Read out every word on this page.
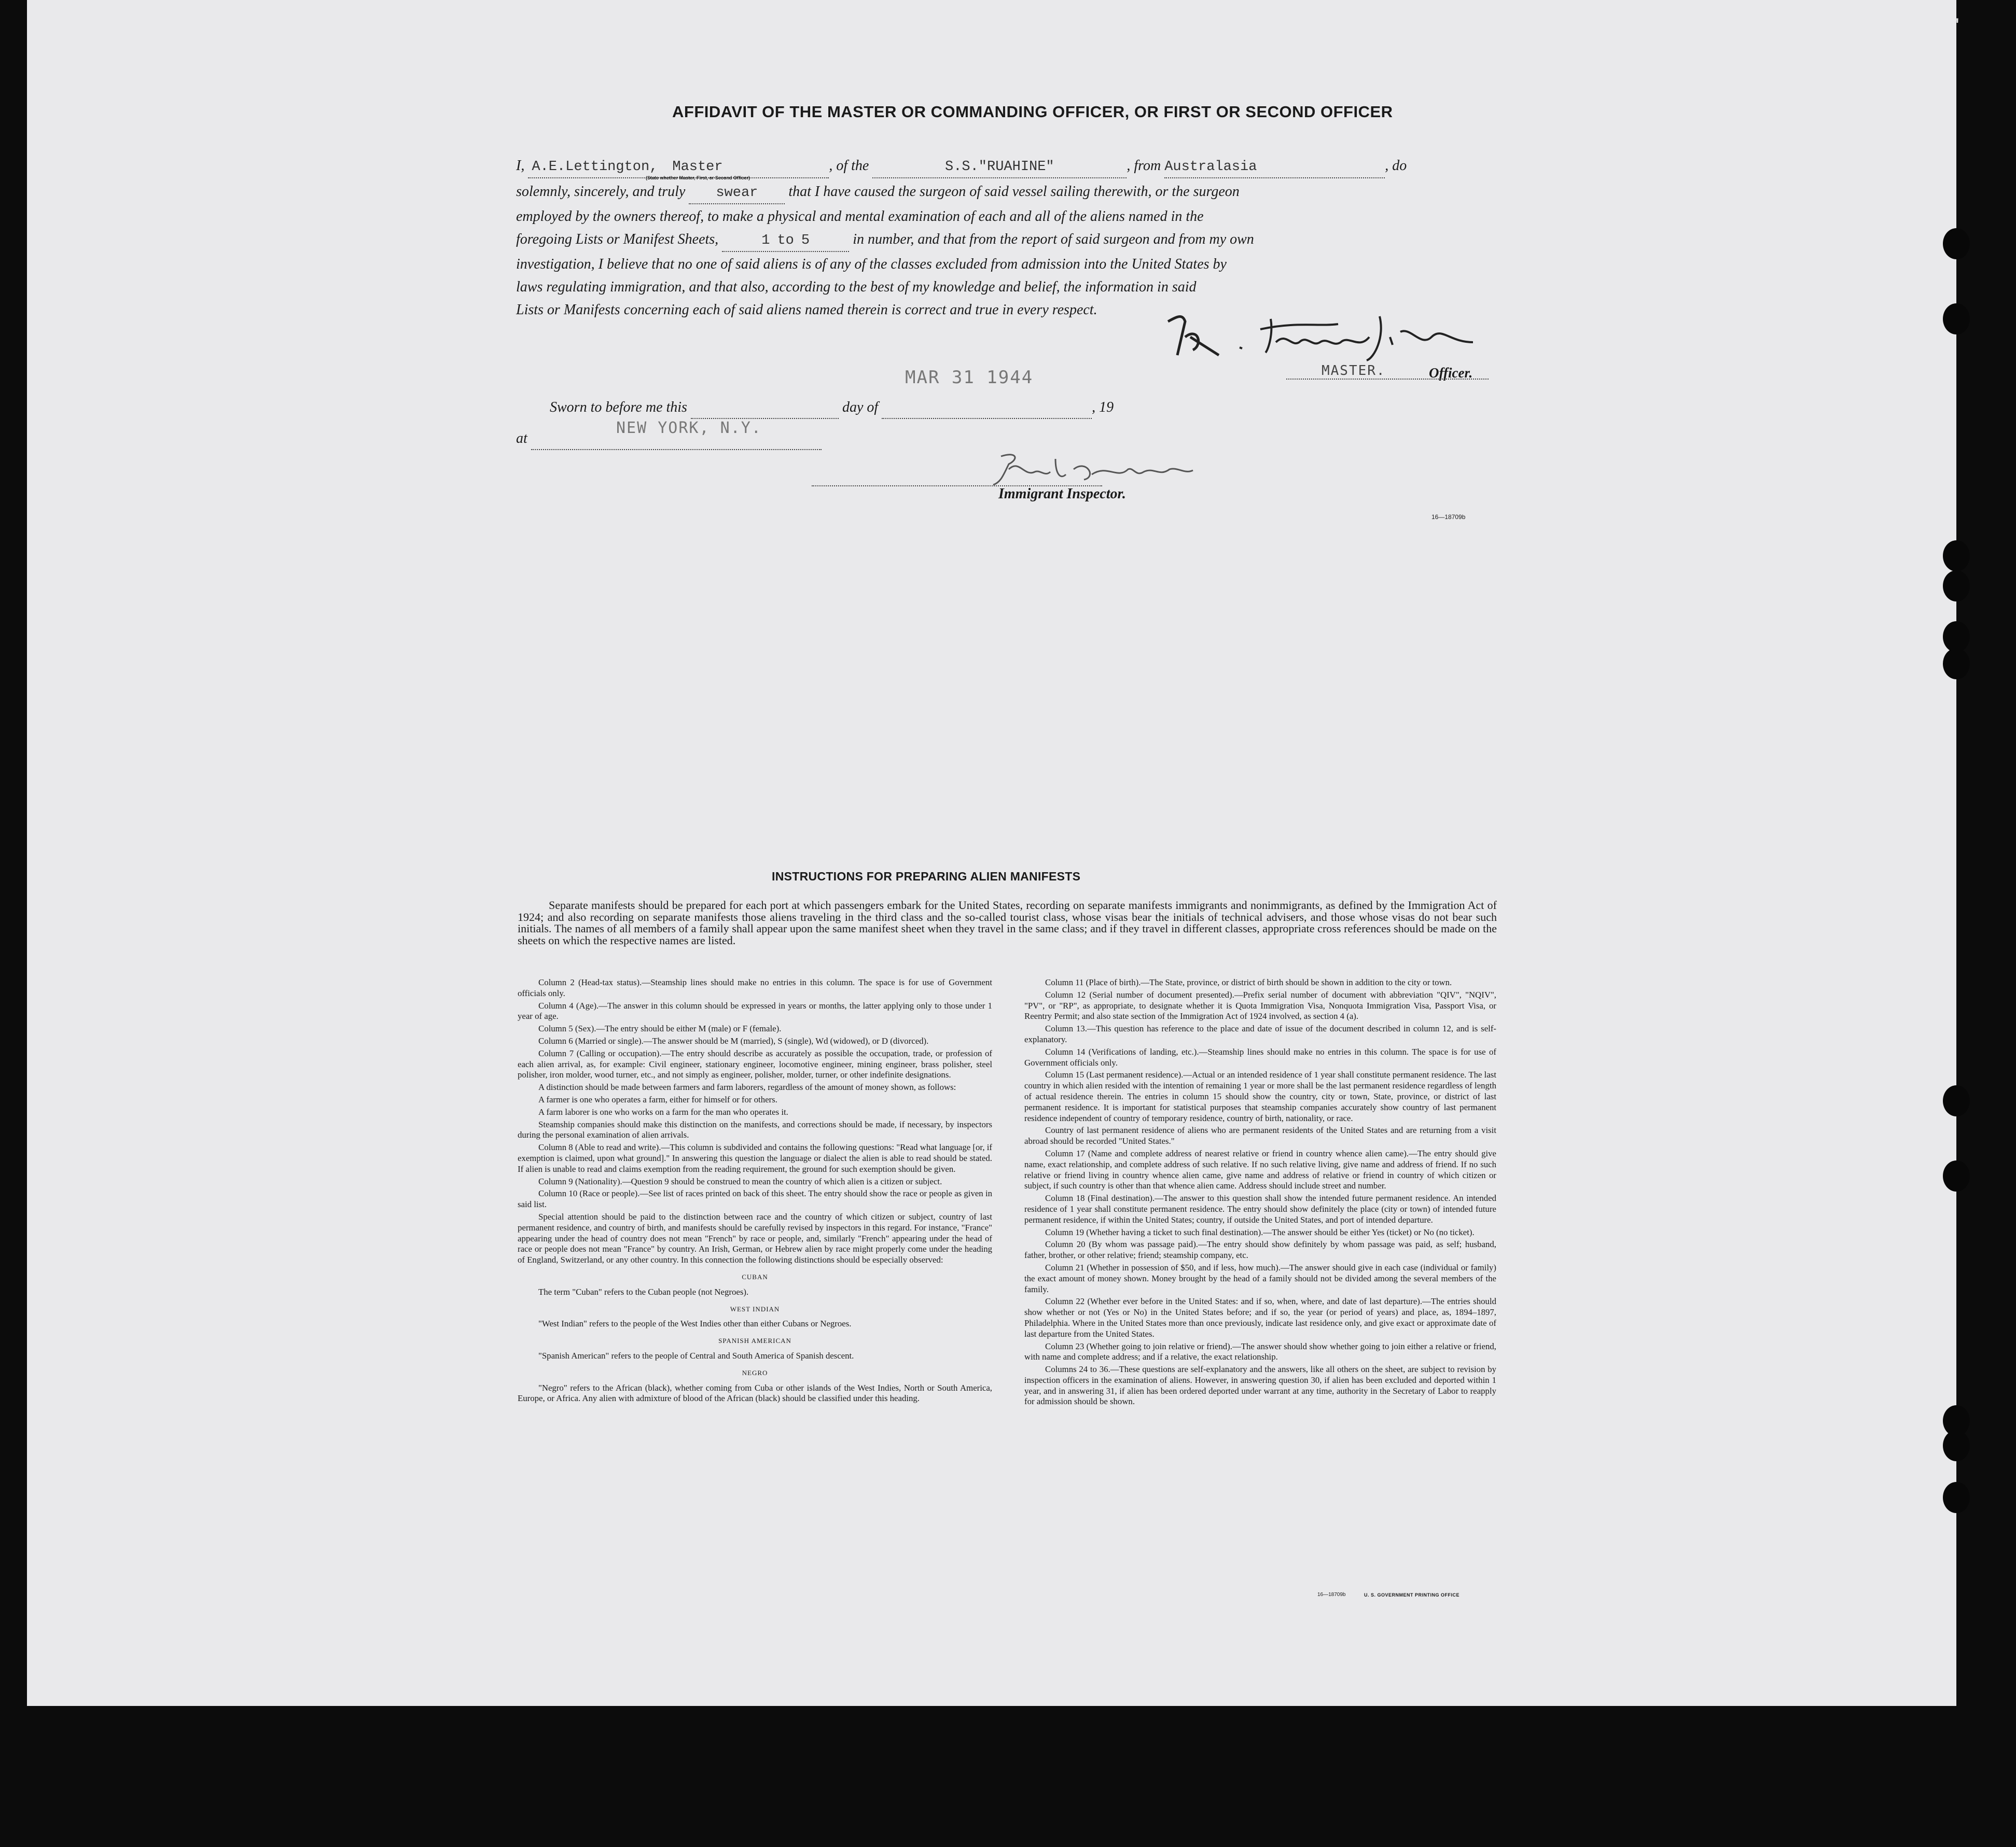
'
AFFIDAVIT OF THE MASTER OR COMMANDING OFFICER, OR FIRST OR SECOND OFFICER
I, A.E.Lettington, Master	, of the	S.S."RUAHINE"	, from Australasia	, do
(State whether Master, First, or Second Officer)
solemnly, sincerely, and truly swear that I have caused the surgeon of said vessel sailing therewith, or the surgeon
employed by the owners thereof, to make a physical and mental examination of each and all of the aliens named in the
foregoing Lists or Manifest Sheets,	1 to 5	in number, and that from the report of said surgeon and from my own
investigation, I believe that no one of said aliens is of any of the classes excluded from admission into the United States by
laws regulating immigration, and that also, according to the best of my knowledge and belief, the information in said
Lists or Manifests concerning each of said aliens named therein is correct and true in every respect.
MASTER.	Officer.
MAR 31 1944
Sworn to before me this	day of	, 19
at
NEW YORK, N.Y.
Immigrant Inspector.
16—18709b
INSTRUCTIONS FOR PREPARING ALIEN MANIFESTS

Separate manifests should be prepared for each port at which passengers embark for the United States, recording on separate manifests immigrants and nonimmigrants, as defined by the Immigration Act of 1924; and also recording on separate manifests those aliens traveling in the third class and the so-called tourist class, whose visas bear the initials of technical advisers, and those whose visas do not bear such initials. The names of all members of a family shall appear upon the same manifest sheet when they travel in the same class; and if they travel in different classes, appropriate cross references should be made on the sheets on which the respective names are listed.

Column 2 (Head-tax status).—Steamship lines should make no entries in this column. The space is for use of Government officials only.

Column 4 (Age).—The answer in this column should be expressed in years or months, the latter applying only to those under 1 year of age.

Column 5 (Sex).—The entry should be either M (male) or F (female).

Column 6 (Married or single).—The answer should be M (married), S (single), Wd (widowed), or D (divorced).

Column 7 (Calling or occupation).—The entry should describe as accurately as possible the occupation, trade, or profession of each alien arrival, as, for example: Civil engineer, stationary engineer, locomotive engineer, mining engineer, brass polisher, steel polisher, iron molder, wood turner, etc., and not simply as engineer, polisher, molder, turner, or other indefinite designations.

A distinction should be made between farmers and farm laborers, regardless of the amount of money shown, as follows:

A farmer is one who operates a farm, either for himself or for others.

A farm laborer is one who works on a farm for the man who operates it.

Steamship companies should make this distinction on the manifests, and corrections should be made, if necessary, by inspectors during the personal examination of alien arrivals.

Column 8 (Able to read and write).—This column is subdivided and contains the following questions: "Read what language [or, if exemption is claimed, upon what ground]." In answering this question the language or dialect the alien is able to read should be stated. If alien is unable to read and claims exemption from the reading requirement, the ground for such exemption should be given.

Column 9 (Nationality).—Question 9 should be construed to mean the country of which alien is a citizen or subject.

Column 10 (Race or people).—See list of races printed on back of this sheet. The entry should show the race or people as given in said list.

Special attention should be paid to the distinction between race and the country of which citizen or subject, country of last permanent residence, and country of birth, and manifests should be carefully revised by inspectors in this regard. For instance, "France" appearing under the head of country does not mean "French" by race or people, and, similarly "French" appearing under the head of race or people does not mean "France" by country. An Irish, German, or Hebrew alien by race might properly come under the heading of England, Switzerland, or any other country. In this connection the following distinctions should be especially observed:

CUBAN

The term "Cuban" refers to the Cuban people (not Negroes).

WEST INDIAN

"West Indian" refers to the people of the West Indies other than either Cubans or Negroes.

SPANISH AMERICAN

"Spanish American" refers to the people of Central and South America of Spanish descent.

NEGRO

"Negro" refers to the African (black), whether coming from Cuba or other islands of the West Indies, North or South America, Europe, or Africa. Any alien with admixture of blood of the African (black) should be classified under this heading.

Column 11 (Place of birth).—The State, province, or district of birth should be shown in addition to the city or town.

Column 12 (Serial number of document presented).—Prefix serial number of document with abbreviation "QIV", "NQIV", "PV", or "RP", as appropriate, to designate whether it is Quota Immigration Visa, Nonquota Immigration Visa, Passport Visa, or Reentry Permit; and also state section of the Immigration Act of 1924 involved, as section 4 (a).

Column 13.—This question has reference to the place and date of issue of the document described in column 12, and is self-explanatory.

Column 14 (Verifications of landing, etc.).—Steamship lines should make no entries in this column. The space is for use of Government officials only.

Column 15 (Last permanent residence).—Actual or an intended residence of 1 year shall constitute permanent residence. The last country in which alien resided with the intention of remaining 1 year or more shall be the last permanent residence regardless of length of actual residence therein. The entries in column 15 should show the country, city or town, State, province, or district of last permanent residence. It is important for statistical purposes that steamship companies accurately show country of last permanent residence independent of country of temporary residence, country of birth, nationality, or race.

Country of last permanent residence of aliens who are permanent residents of the United States and are returning from a visit abroad should be recorded "United States."

Column 17 (Name and complete address of nearest relative or friend in country whence alien came).—The entry should give name, exact relationship, and complete address of such relative. If no such relative living, give name and address of friend. If no such relative or friend living in country whence alien came, give name and address of relative or friend in country of which citizen or subject, if such country is other than that whence alien came. Address should include street and number.

Column 18 (Final destination).—The answer to this question shall show the intended future permanent residence. An intended residence of 1 year shall constitute permanent residence. The entry should show definitely the place (city or town) of intended future permanent residence, if within the United States; country, if outside the United States, and port of intended departure.

Column 19 (Whether having a ticket to such final destination).—The answer should be either Yes (ticket) or No (no ticket).

Column 20 (By whom was passage paid).—The entry should show definitely by whom passage was paid, as self; husband, father, brother, or other relative; friend; steamship company, etc.

Column 21 (Whether in possession of $50, and if less, how much).—The answer should give in each case (individual or family) the exact amount of money shown. Money brought by the head of a family should not be divided among the several members of the family.

Column 22 (Whether ever before in the United States: and if so, when, where, and date of last departure).—The entries should show whether or not (Yes or No) in the United States before; and if so, the year (or period of years) and place, as, 1894–1897, Philadelphia. Where in the United States more than once previously, indicate last residence only, and give exact or approximate date of last departure from the United States.

Column 23 (Whether going to join relative or friend).—The answer should show whether going to join either a relative or friend, with name and complete address; and if a relative, the exact relationship.

Columns 24 to 36.—These questions are self-explanatory and the answers, like all others on the sheet, are subject to revision by inspection officers in the examination of aliens. However, in answering question 30, if alien has been excluded and deported within 1 year, and in answering 31, if alien has been ordered deported under warrant at any time, authority in the Secretary of Labor to reapply for admission should be shown.

16—18709b	U. S. GOVERNMENT PRINTING OFFICE
